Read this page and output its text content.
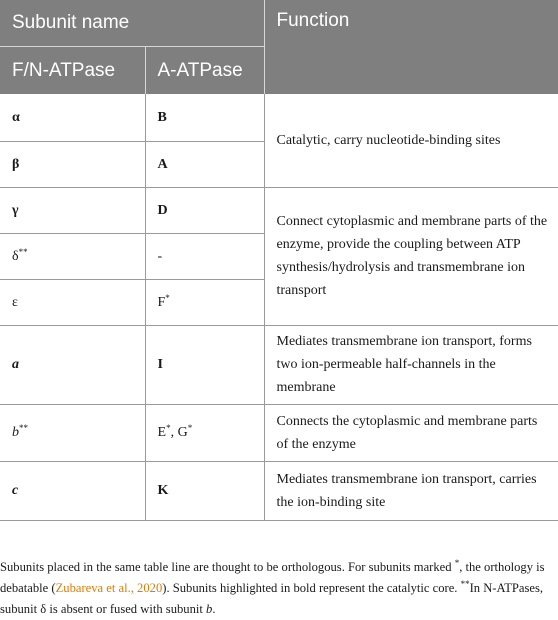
Subunit name		Function
F/N-ATPase	A-ATPase	
α	B	Catalytic, carry nucleotide-binding sites
β	A	
γ	D	Connect cytoplasmic and membrane parts of the enzyme, provide the coupling between ATP synthesis/hydrolysis and transmembrane ion transport
δ**	-	
ε	F*
a	I	Mediates transmembrane ion transport, forms two ion-permeable half-channels in the membrane
b**	E*, G*	Connects the cytoplasmic and membrane parts of the enzyme
c	K	Mediates transmembrane ion transport, carries the ion-binding site
Subunits placed in the same table line are thought to be orthologous. For subunits marked *, the orthology is debatable (Zubareva et al., 2020). Subunits highlighted in bold represent the catalytic core. **In N-ATPases, subunit δ is absent or fused with subunit b.
